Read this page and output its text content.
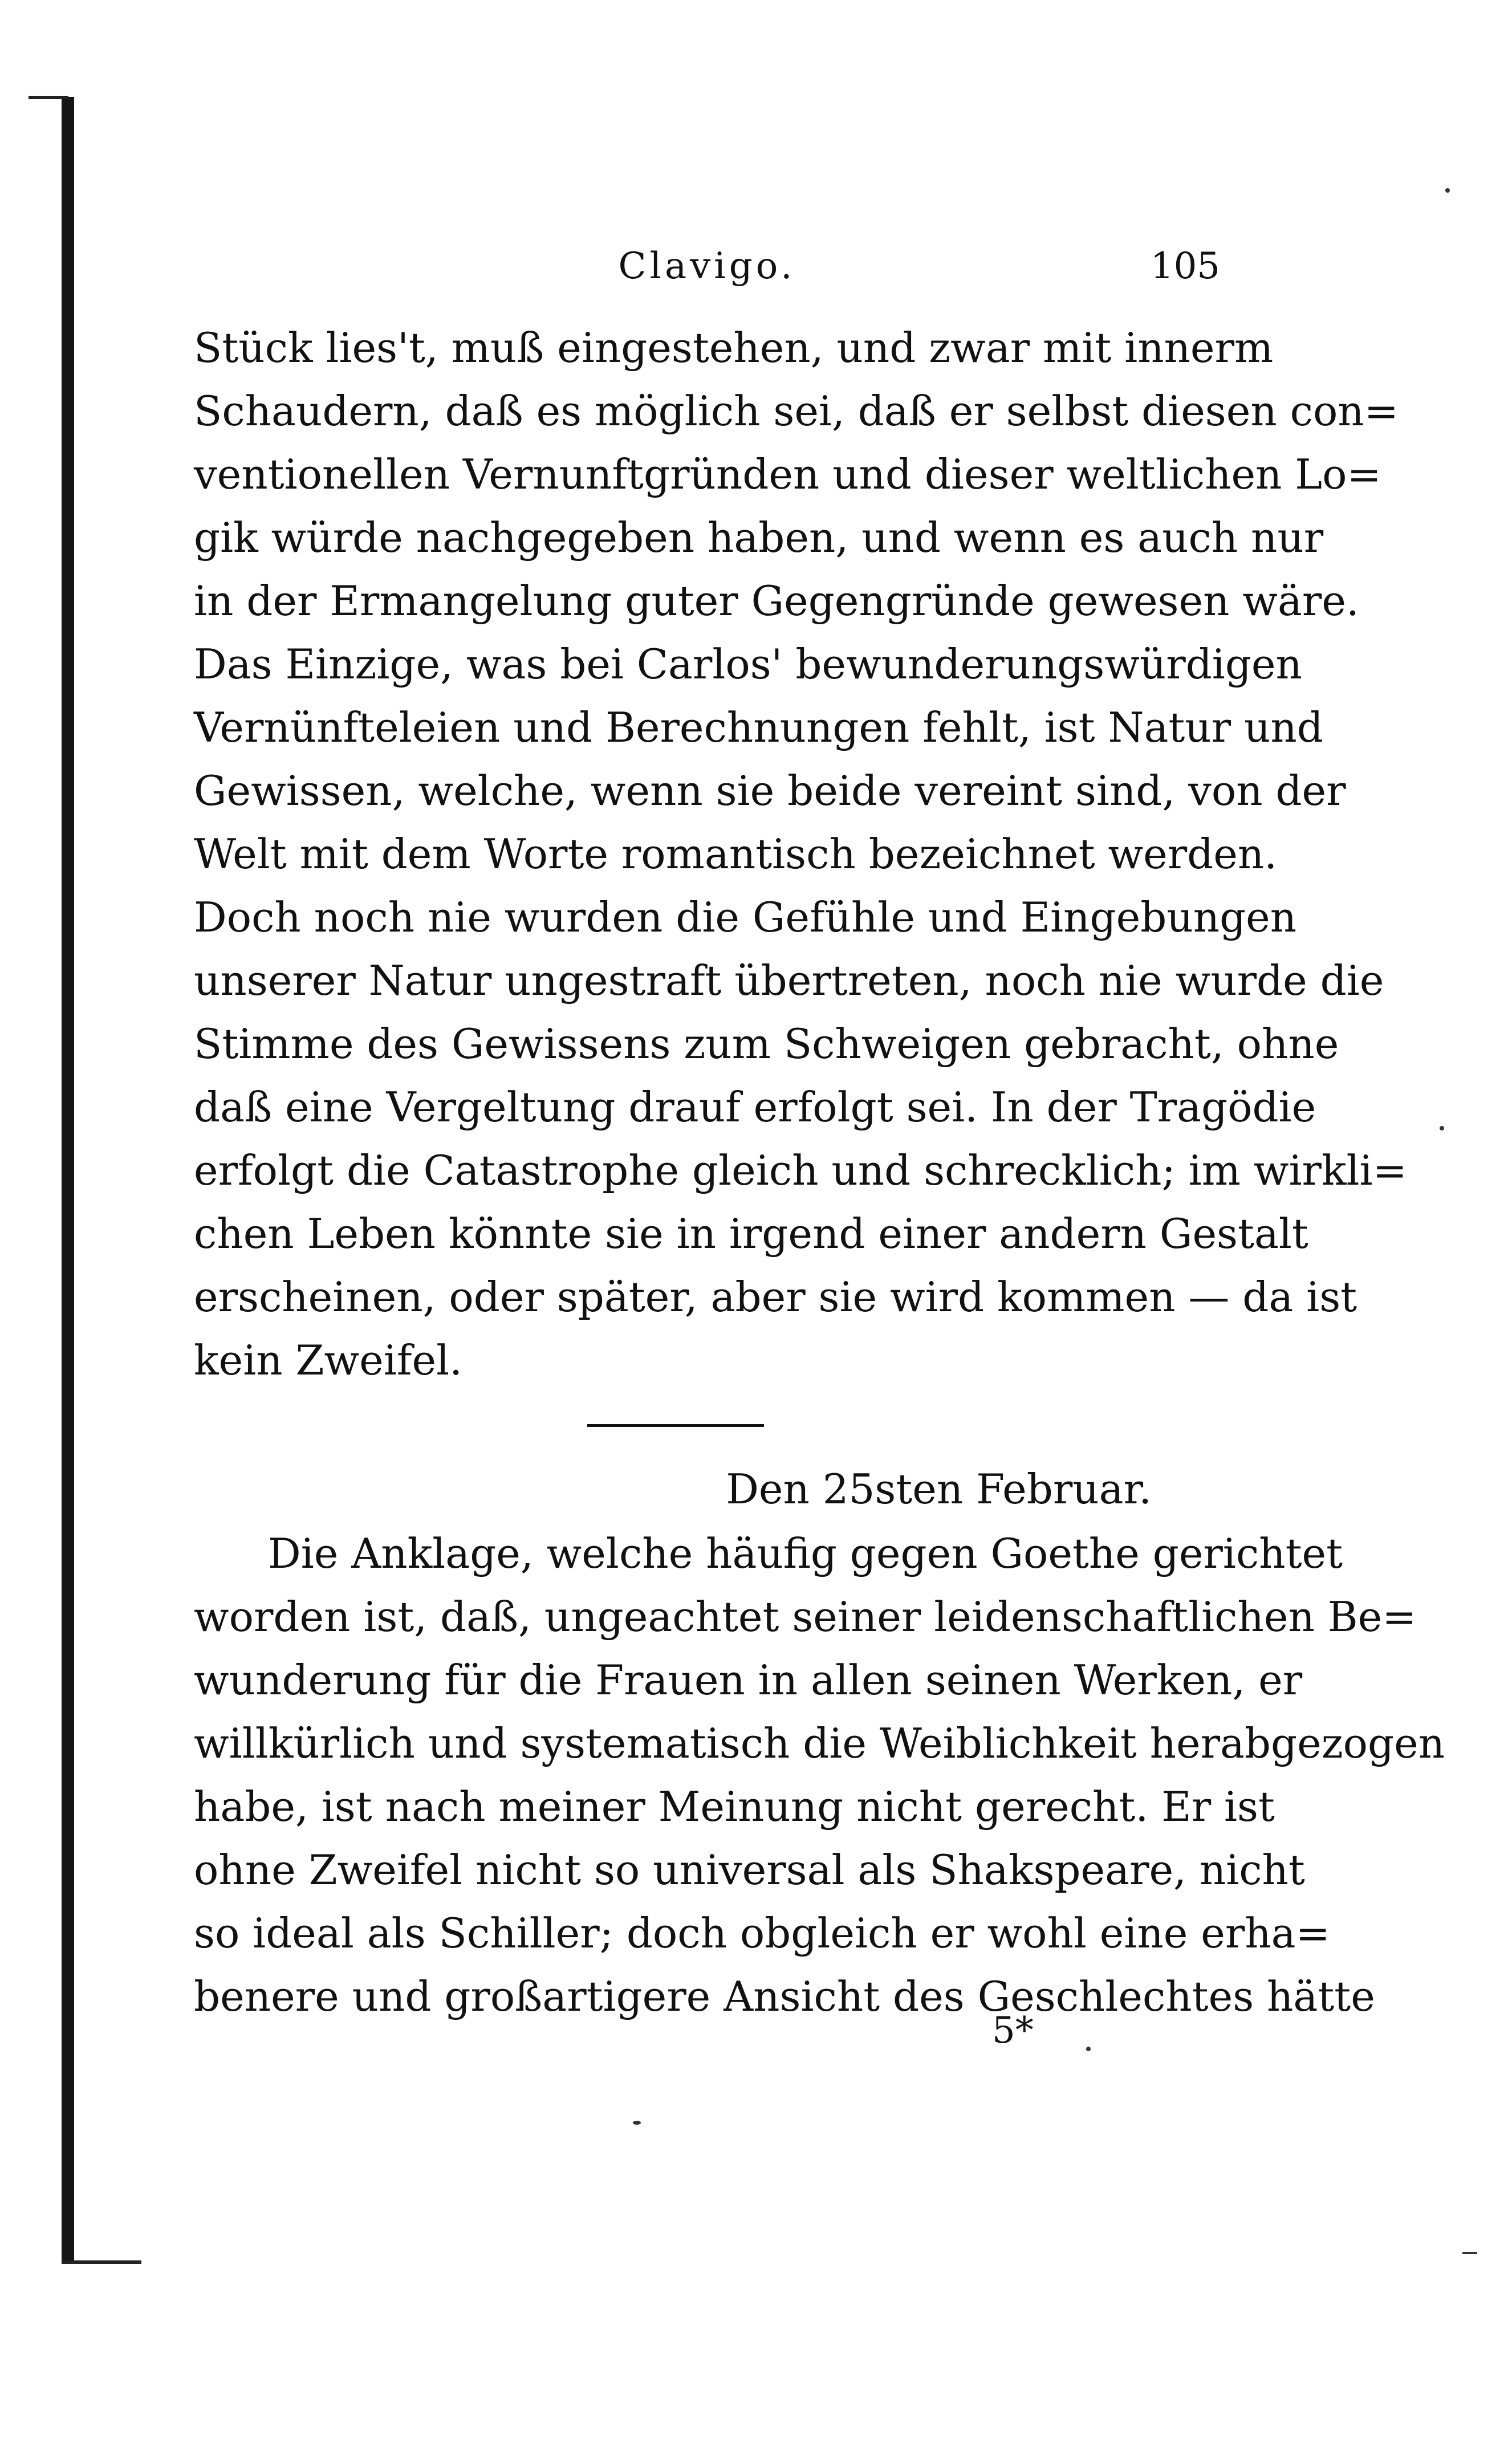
Clavigo.	105
Stück lies't, muß eingestehen, und zwar mit innerm
Schaudern, daß es möglich sei, daß er selbst diesen con=
ventionellen Vernunftgründen und dieser weltlichen Lo=
gik würde nachgegeben haben, und wenn es auch nur
in der Ermangelung guter Gegengründe gewesen wäre.
Das Einzige, was bei Carlos' bewunderungswürdigen
Vernünfteleien und Berechnungen fehlt, ist Natur und
Gewissen, welche, wenn sie beide vereint sind, von der
Welt mit dem Worte romantisch bezeichnet werden.
Doch noch nie wurden die Gefühle und Eingebungen
unserer Natur ungestraft übertreten, noch nie wurde die
Stimme des Gewissens zum Schweigen gebracht, ohne
daß eine Vergeltung drauf erfolgt sei. In der Tragödie
erfolgt die Catastrophe gleich und schrecklich; im wirkli=
chen Leben könnte sie in irgend einer andern Gestalt
erscheinen, oder später, aber sie wird kommen — da ist
kein Zweifel.
Den 25sten Februar.
Die Anklage, welche häufig gegen Goethe gerichtet
worden ist, daß, ungeachtet seiner leidenschaftlichen Be=
wunderung für die Frauen in allen seinen Werken, er
willkürlich und systematisch die Weiblichkeit herabgezogen
habe, ist nach meiner Meinung nicht gerecht. Er ist
ohne Zweifel nicht so universal als Shakspeare, nicht
so ideal als Schiller; doch obgleich er wohl eine erha=
benere und großartigere Ansicht des Geschlechtes hätte
5*
